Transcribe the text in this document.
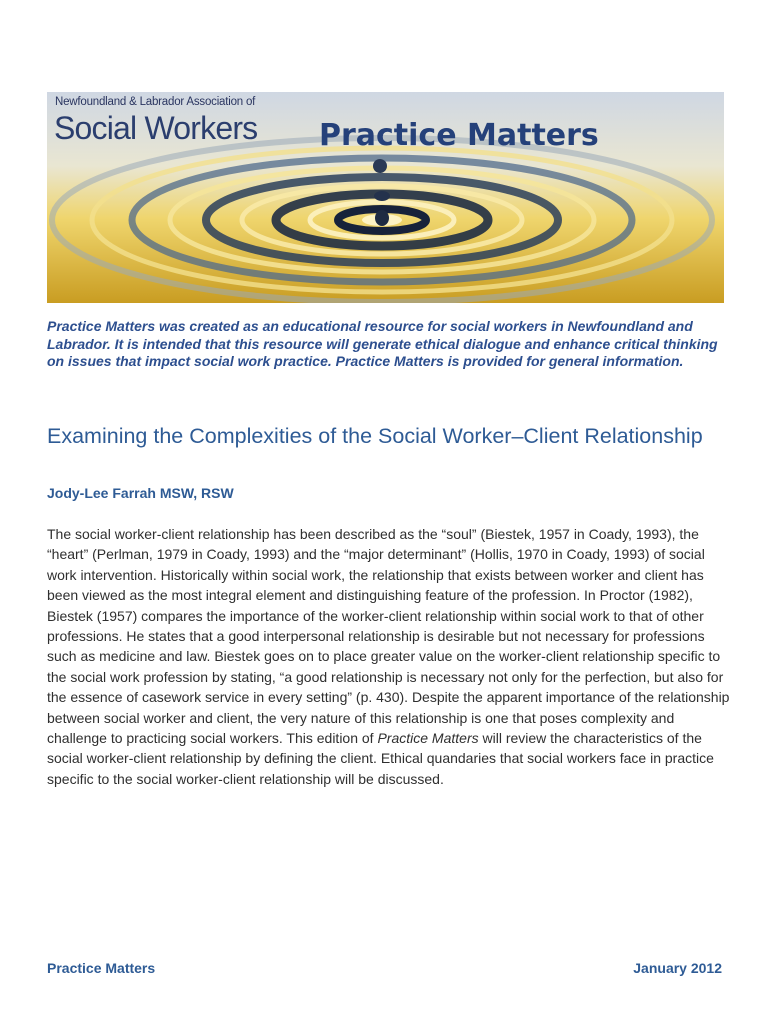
Newfoundland & Labrador Association of
Social Workers Practice Matters

Practice Matters was created as an educational resource for social workers in Newfoundland and Labrador. It is intended that this resource will generate ethical dialogue and enhance critical thinking on issues that impact social work practice. Practice Matters is provided for general information.

Examining the Complexities of the Social Worker–Client Relationship
Jody-Lee Farrah MSW, RSW

The social worker-client relationship has been described as the “soul” (Biestek, 1957 in Coady, 1993), the “heart” (Perlman, 1979 in Coady, 1993) and the “major determinant” (Hollis, 1970 in Coady, 1993) of social work intervention. Historically within social work, the relationship that exists between worker and client has been viewed as the most integral element and distinguishing feature of the profession. In Proctor (1982), Biestek (1957) compares the importance of the worker-client relationship within social work to that of other professions. He states that a good interpersonal relationship is desirable but not necessary for professions such as medicine and law. Biestek goes on to place greater value on the worker-client relationship specific to the social work profession by stating, “a good relationship is necessary not only for the perfection, but also for the essence of casework service in every setting” (p. 430). Despite the apparent importance of the relationship between social worker and client, the very nature of this relationship is one that poses complexity and challenge to practicing social workers. This edition of Practice Matters will review the characteristics of the social worker-client relationship by defining the client. Ethical quandaries that social workers face in practice specific to the social worker-client relationship will be discussed.

Practice Matters	January 2012
